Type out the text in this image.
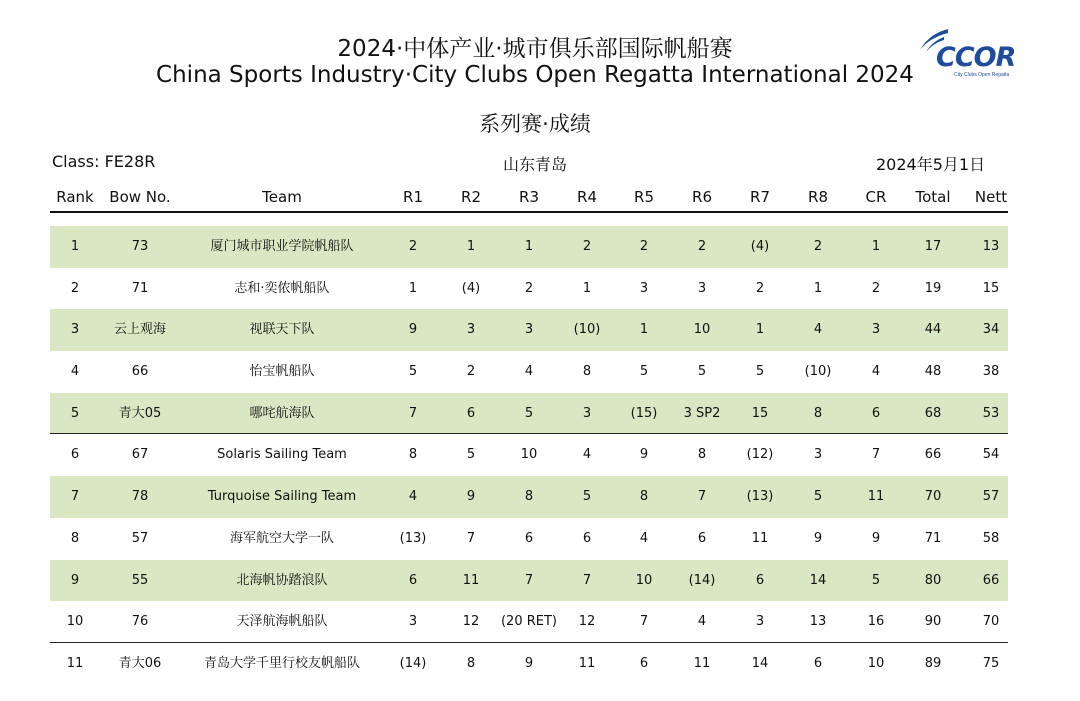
2024·中体产业·城市俱乐部国际帆船赛
China Sports Industry·City Clubs Open Regatta International 2024
系列赛·成绩
CCOR
City Clubs Open Regatta
Class: FE28R	山东青岛	2024年5月1日
Rank	Bow No.	Team	R1	R2	R3	R4	R5	R6	R7	R8	CR	Total	Nett
1	73	厦门城市职业学院帆船队	2	1	1	2	2	2	(4)	2	1	17	13
2	71	志和·奕侬帆船队	1	(4)	2	1	3	3	2	1	2	19	15
3	云上观海	视联天下队	9	3	3	(10)	1	10	1	4	3	44	34
4	66	怡宝帆船队	5	2	4	8	5	5	5	(10)	4	48	38
5	青大05	哪咤航海队	7	6	5	3	(15)	3 SP2	15	8	6	68	53
6	67	Solaris Sailing Team	8	5	10	4	9	8	(12)	3	7	66	54
7	78	Turquoise Sailing Team	4	9	8	5	8	7	(13)	5	11	70	57
8	57	海军航空大学一队	(13)	7	6	6	4	6	11	9	9	71	58
9	55	北海帆协踏浪队	6	11	7	7	10	(14)	6	14	5	80	66
10	76	天泽航海帆船队	3	12	(20 RET)	12	7	4	3	13	16	90	70
11	青大06	青岛大学千里行校友帆船队	(14)	8	9	11	6	11	14	6	10	89	75
